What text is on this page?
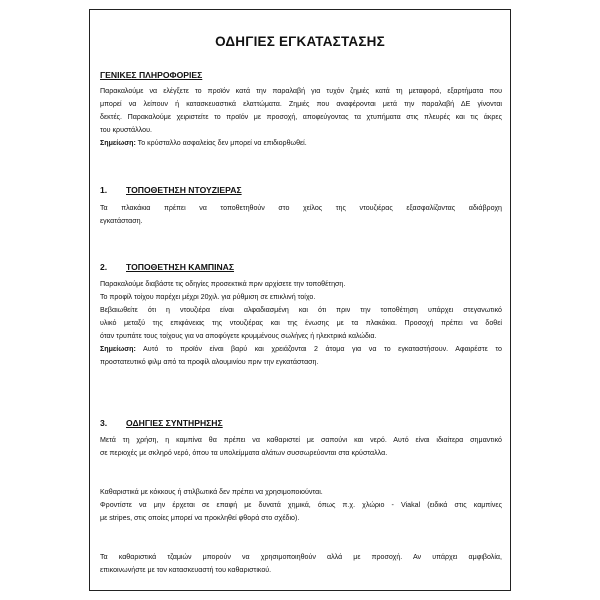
ΟΔΗΓΙΕΣ ΕΓΚΑΤΑΣΤΑΣΗΣ
ΓΕΝΙΚΕΣ ΠΛΗΡΟΦΟΡΙΕΣ
Παρακαλούμε να ελέγξετε το προϊόν κατά την παραλαβή για τυχόν ζημιές κατά τη μεταφορά, εξαρτήματα που
μπορεί να λείπουν ή κατασκευαστικά ελαττώματα. Ζημιές που αναφέρονται μετά την παραλαβή ΔΕ γίνονται
δεκτές. Παρακαλούμε χειριστείτε το προϊόν με προσοχή, αποφεύγοντας τα χτυπήματα στις πλευρές και τις άκρες
του κρυστάλλου.
Σημείωση: Το κρύσταλλο ασφαλείας δεν μπορεί να επιδιορθωθεί.
1. ΤΟΠΟΘΕΤΗΣΗ ΝΤΟΥΖΙΕΡΑΣ
Τα πλακάκια πρέπει να τοποθετηθούν στο χείλος της ντουζιέρας εξασφαλίζοντας αδιάβροχη
εγκατάσταση.
2. ΤΟΠΟΘΕΤΗΣΗ ΚΑΜΠΙΝΑΣ
Παρακαλούμε διαβάστε τις οδηγίες προσεκτικά πριν αρχίσετε την τοποθέτηση.
Το προφίλ τοίχου παρέχει μέχρι 20χιλ. για ρύθμιση σε επικλινή τοίχο.
Βεβαιωθείτε ότι η ντουζιέρα είναι αλφαδιασμένη και ότι πριν την τοποθέτηση υπάρχει στεγανωτικό
υλικό μεταξύ της επιφάνειας της ντουζιέρας και της ένωσης με τα πλακάκια. Προσοχή πρέπει να δοθεί
όταν τρυπάτε τους τοίχους για να αποφύγετε κρυμμένους σωλήνες ή ηλεκτρικά καλώδια.
Σημείωση: Αυτό το προϊόν είναι βαρύ και χρειάζονται 2 άτομα για να το εγκαταστήσουν. Αφαιρέστε το
προστατευτικό φιλμ από τα προφίλ αλουμινίου πριν την εγκατάσταση.
3. ΟΔΗΓΙΕΣ ΣΥΝΤΗΡΗΣΗΣ
Μετά τη χρήση, η καμπίνα θα πρέπει να καθαριστεί με σαπούνι και νερό. Αυτό είναι ιδιαίτερα σημαντικό
σε περιοχές με σκληρό νερό, όπου τα υπολείμματα αλάτων συσσωρεύονται στα κρύσταλλα.
Καθαριστικά με κόκκους ή στιλβωτικά δεν πρέπει να χρησιμοποιούνται.
Φροντίστε να μην έρχεται σε επαφή με δυνατά χημικά, όπως π.χ. χλώριο - Viakal (ειδικά στις καμπίνες
με stripes, στις οποίες μπορεί να προκληθεί φθορά στο σχέδιο).
Τα καθαριστικά τζαμιών μπορούν να χρησιμοποιηθούν αλλά με προσοχή. Αν υπάρχει αμφιβολία,
επικοινωνήστε με τον κατασκευαστή του καθαριστικού.
